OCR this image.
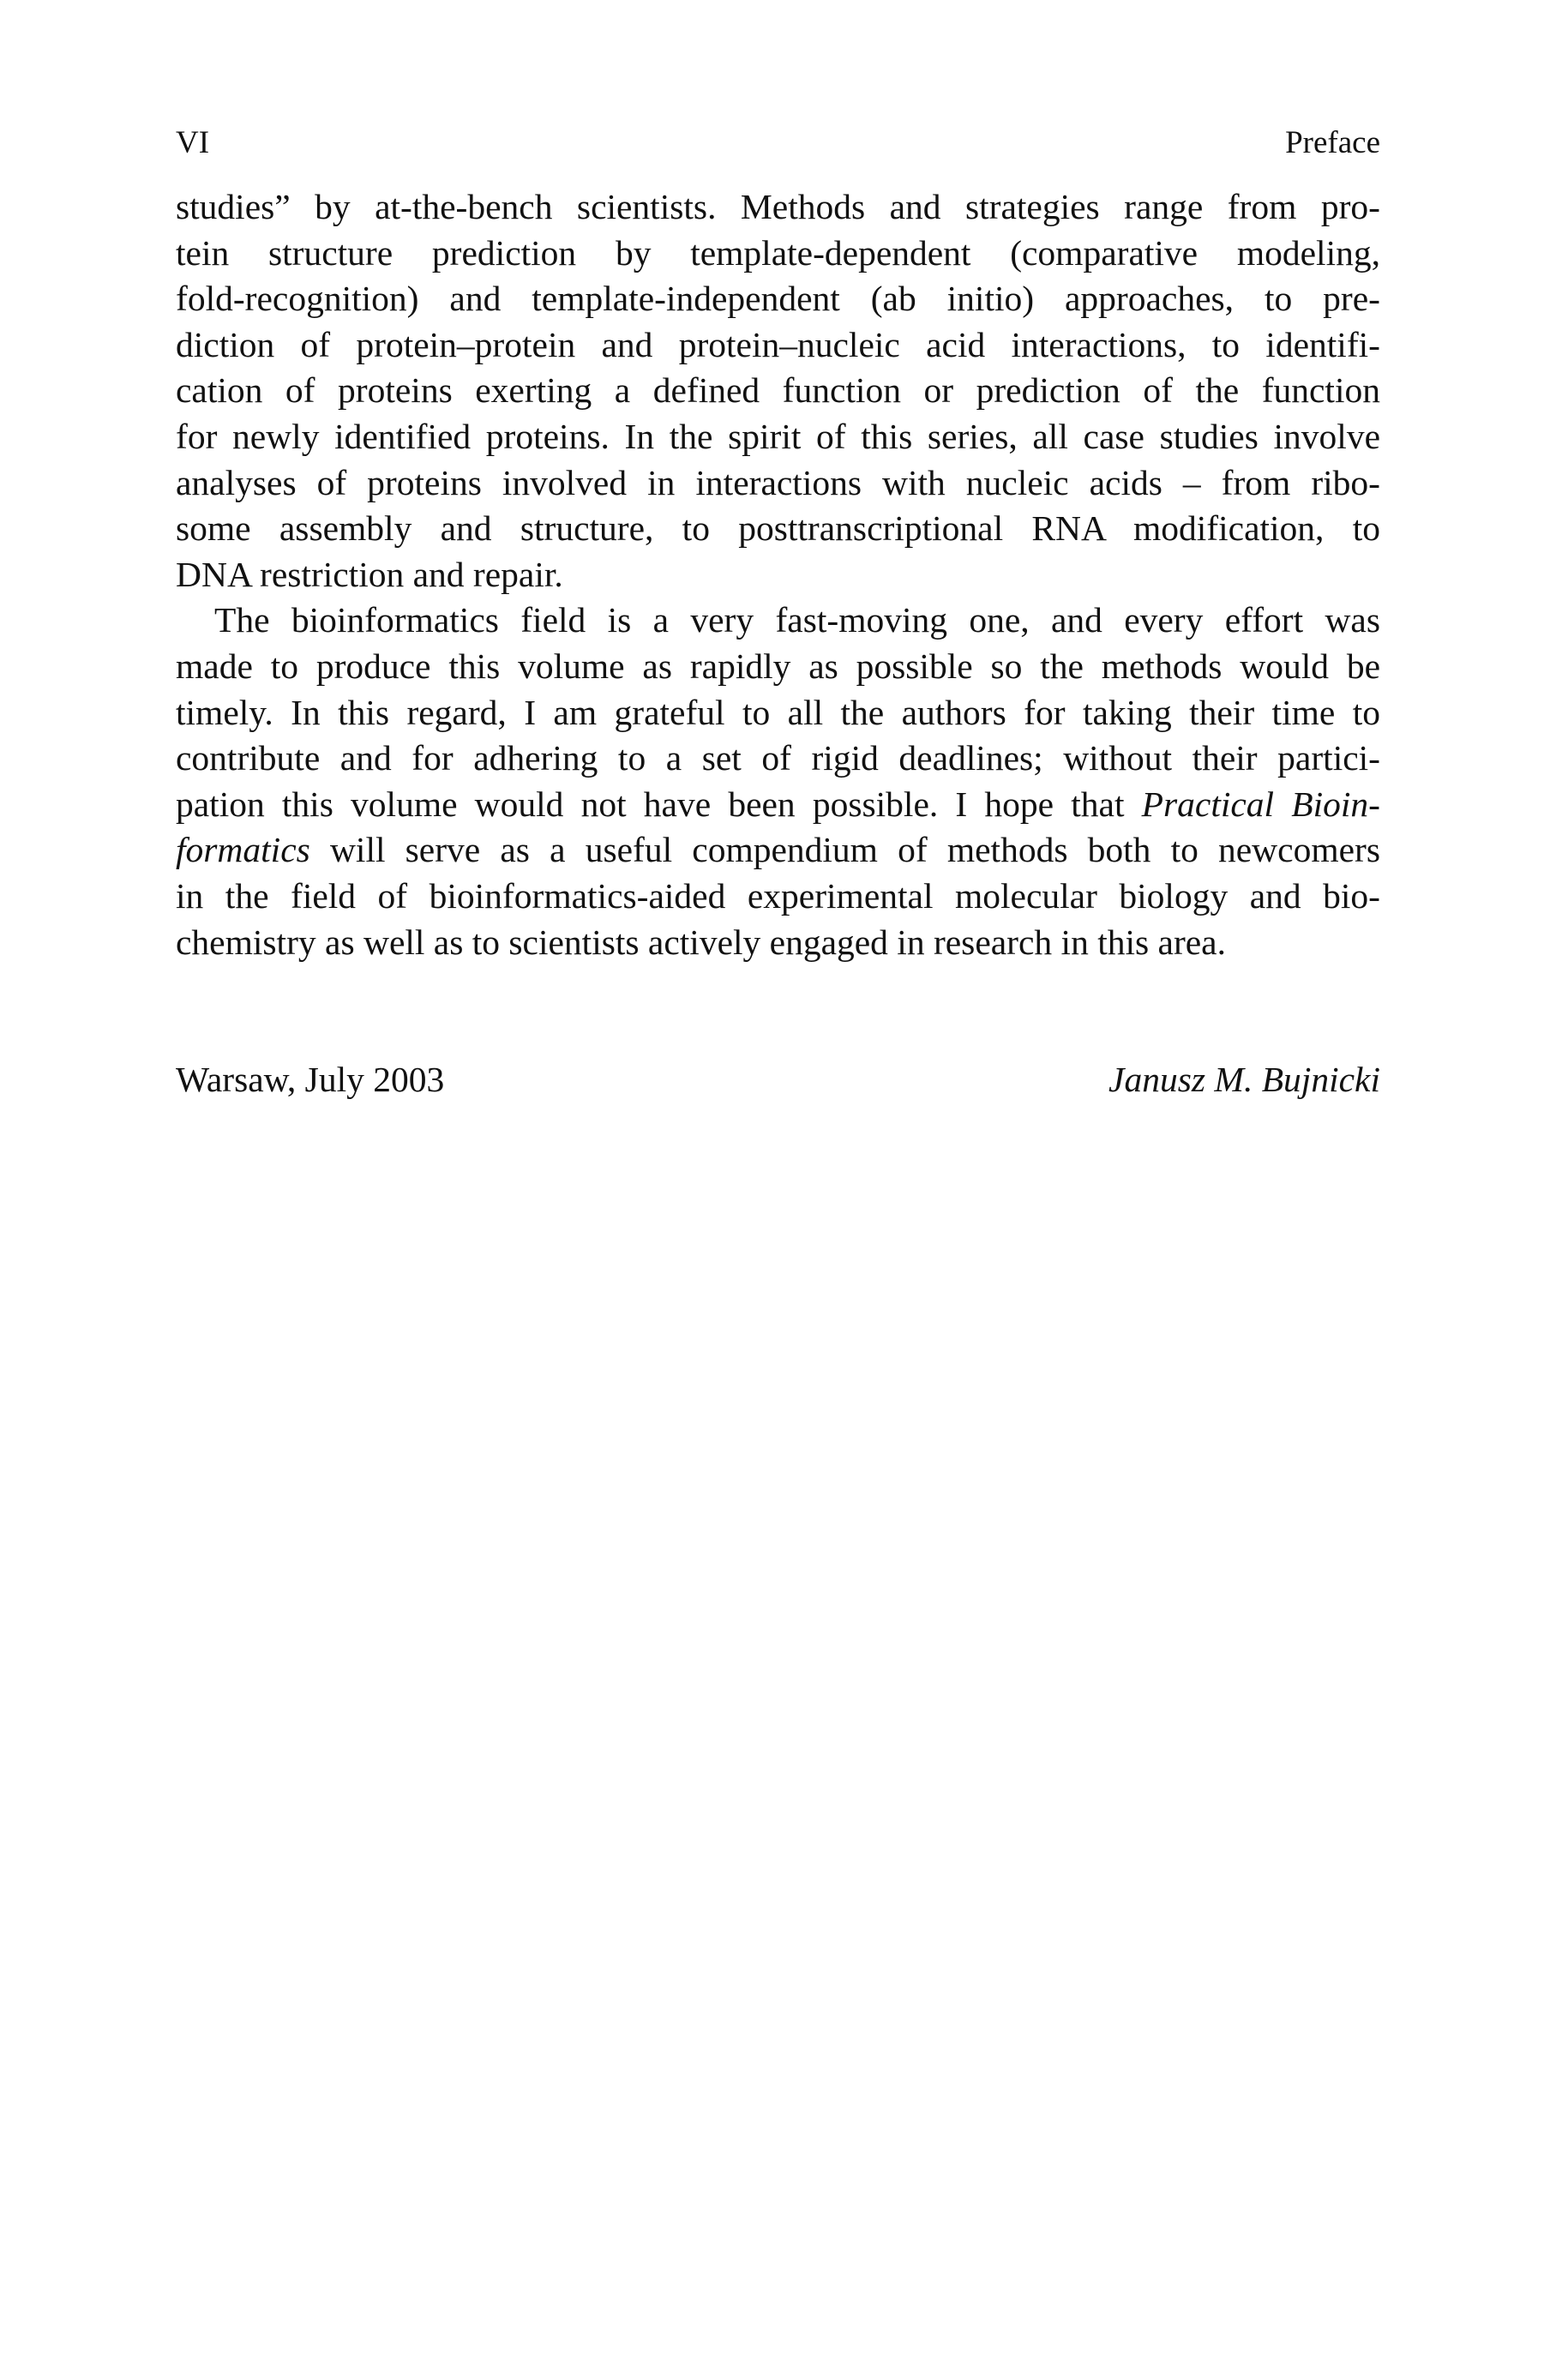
VI	Preface
studies” by at-the-bench scientists. Methods and strategies range from pro-
tein structure prediction by template-dependent (comparative modeling,
fold-recognition) and template-independent (ab initio) approaches, to pre-
diction of protein–protein and protein–nucleic acid interactions, to identifi-
cation of proteins exerting a defined function or prediction of the function
for newly identified proteins. In the spirit of this series, all case studies involve
analyses of proteins involved in interactions with nucleic acids – from ribo-
some assembly and structure, to posttranscriptional RNA modification, to
DNA restriction and repair.
The bioinformatics field is a very fast-moving one, and every effort was
made to produce this volume as rapidly as possible so the methods would be
timely. In this regard, I am grateful to all the authors for taking their time to
contribute and for adhering to a set of rigid deadlines; without their partici-
pation this volume would not have been possible. I hope that Practical Bioin-
formatics will serve as a useful compendium of methods both to newcomers
in the field of bioinformatics-aided experimental molecular biology and bio-
chemistry as well as to scientists actively engaged in research in this area.
Warsaw, July 2003	Janusz M. Bujnicki
